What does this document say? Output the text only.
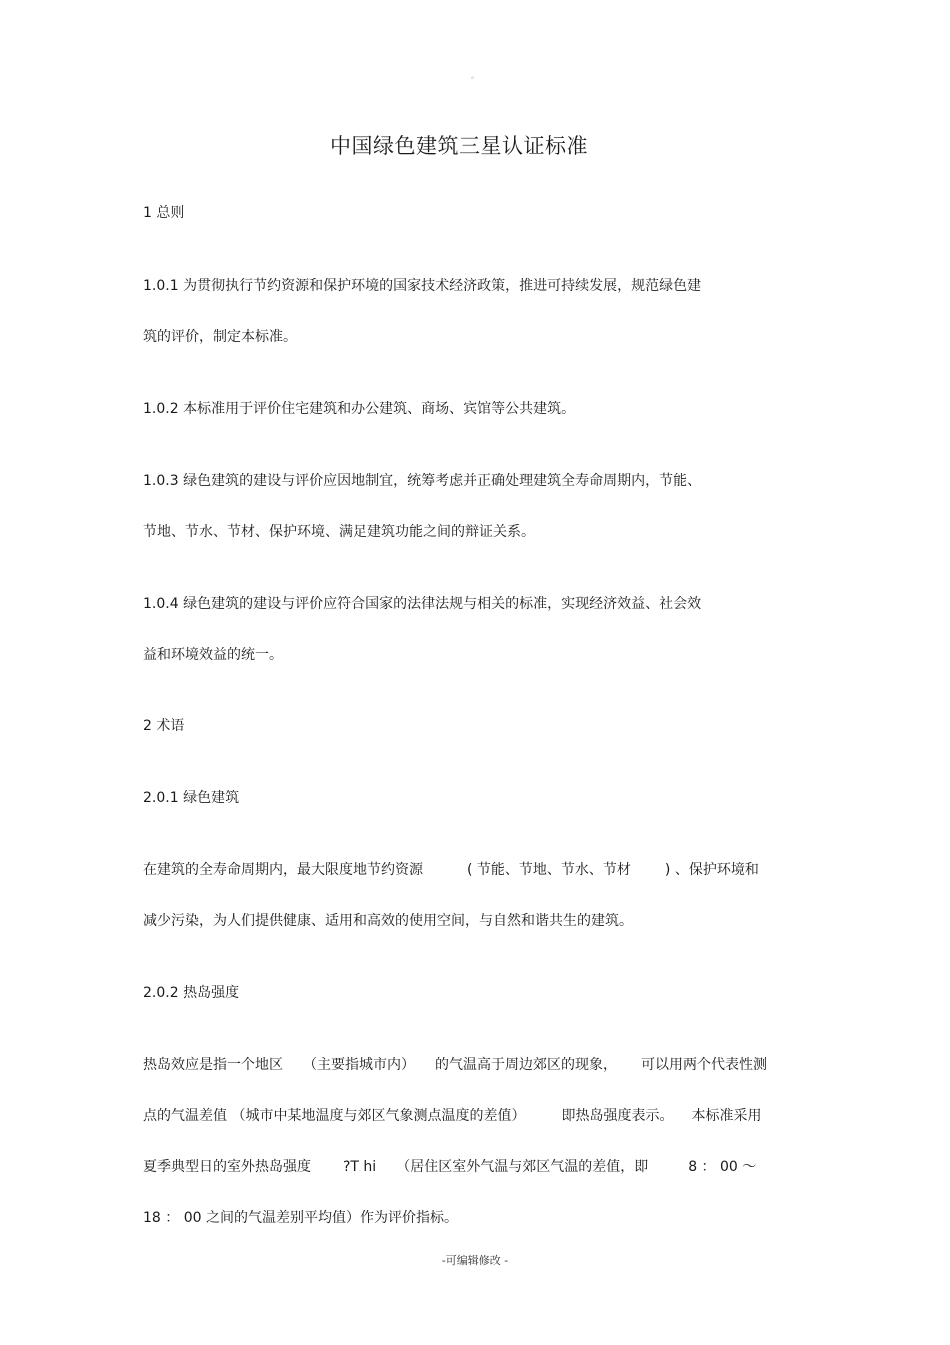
。
中国绿色建筑三星认证标准
1 总则
1.0.1 为贯彻执行节约资源和保护环境的国家技术经济政策，推进可持续发展，规范绿色建
筑的评价，制定本标准。
1.0.2 本标准用于评价住宅建筑和办公建筑、商场、宾馆等公共建筑。
1.0.3 绿色建筑的建设与评价应因地制宜，统筹考虑并正确处理建筑全寿命周期内，节能、
节地、节水、节材、保护环境、满足建筑功能之间的辩证关系。
1.0.4 绿色建筑的建设与评价应符合国家的法律法规与相关的标准，实现经济效益、社会效
益和环境效益的统一。
2 术语
2.0.1 绿色建筑
在建筑的全寿命周期内，最大限度地节约资源	( 节能、节地、节水、节材 ) 、保护环境和
减少污染，为人们提供健康、适用和高效的使用空间，与自然和谐共生的建筑。
2.0.2 热岛强度
热岛效应是指一个地区 （主要指城市内） 的气温高于周边郊区的现象， 可以用两个代表性测
点的气温差值 （城市中某地温度与郊区气象测点温度的差值）	即热岛强度表示。 本标准采用
夏季典型日的室外热岛强度 ?T hi （居住区室外气温与郊区气温的差值，即	8 ： 00 ～
18 ： 00 之间的气温差别平均值）作为评价指标。
-可编辑修改 -
